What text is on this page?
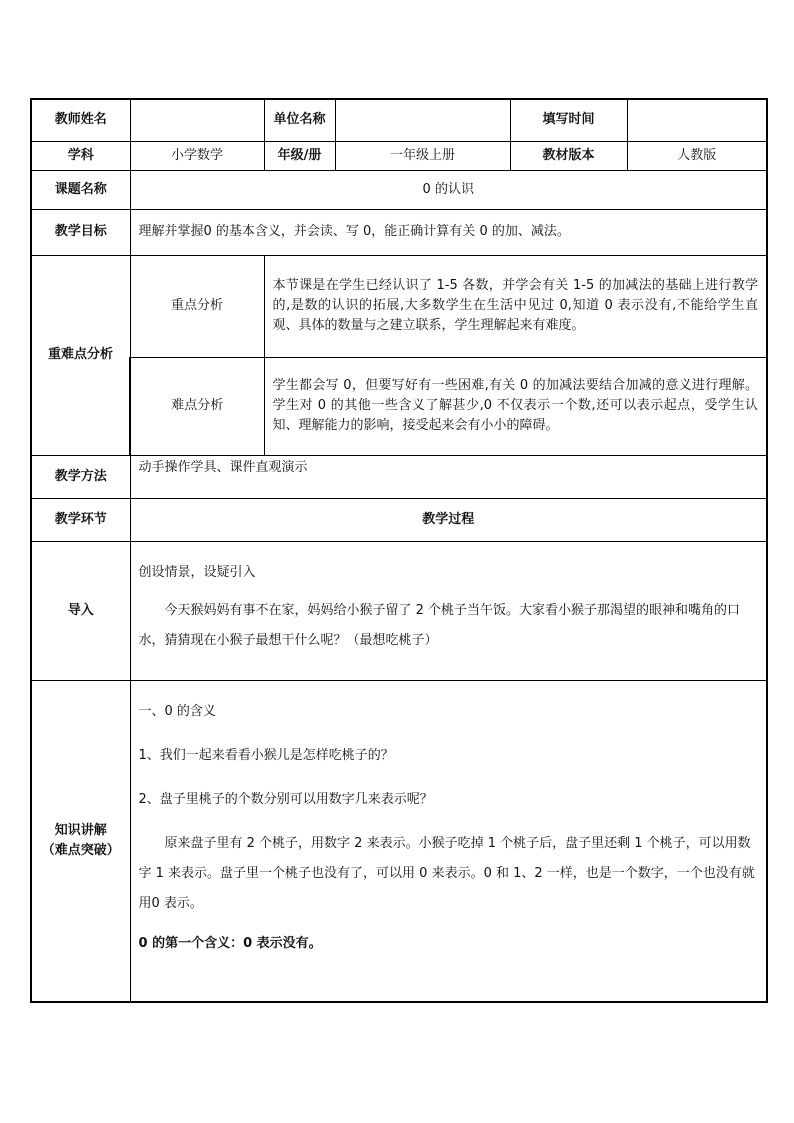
教师姓名		单位名称		填写时间	
学科	小学数学	年级/册	一年级上册	教材版本	人教版
课题名称	0 的认识				
教学目标	理解并掌握0 的基本含义，并会读、写 0，能正确计算有关 0 的加、减法。				
重难点分析	重点分析	本节课是在学生已经认识了 1-5 各数，并学会有关 1-5 的加减法的基础上进行教学的,是数的认识的拓展,大多数学生在生活中见过 0,知道 0 表示没有,不能给学生直观、具体的数量与之建立联系，学生理解起来有难度。			
	难点分析	学生都会写 0，但要写好有一些困难,有关 0 的加减法要结合加减的意义进行理解。学生对 0 的其他一些含义了解甚少,0 不仅表示一个数,还可以表示起点，受学生认知、理解能力的影响，接受起来会有小小的障碍。			
教学方法	动手操作学具、课件直观演示				
教学环节	教学过程				
导入	创设情景，设疑引入
今天猴妈妈有事不在家，妈妈给小猴子留了 2 个桃子当午饭。大家看小猴子那渴望的眼神和嘴角的口水，猜猜现在小猴子最想干什么呢？（最想吃桃子）				

知识讲解
（难点突破）	一、0 的含义
1、我们一起来看看小猴儿是怎样吃桃子的？
2、盘子里桃子的个数分别可以用数字几来表示呢？
原来盘子里有 2 个桃子，用数字 2 来表示。小猴子吃掉 1 个桃子后，盘子里还剩 1 个桃子，可以用数字 1 来表示。盘子里一个桃子也没有了，可以用 0 来表示。0 和 1、2 一样，也是一个数字，一个也没有就用0 表示。
0 的第一个含义：0 表示没有。				
